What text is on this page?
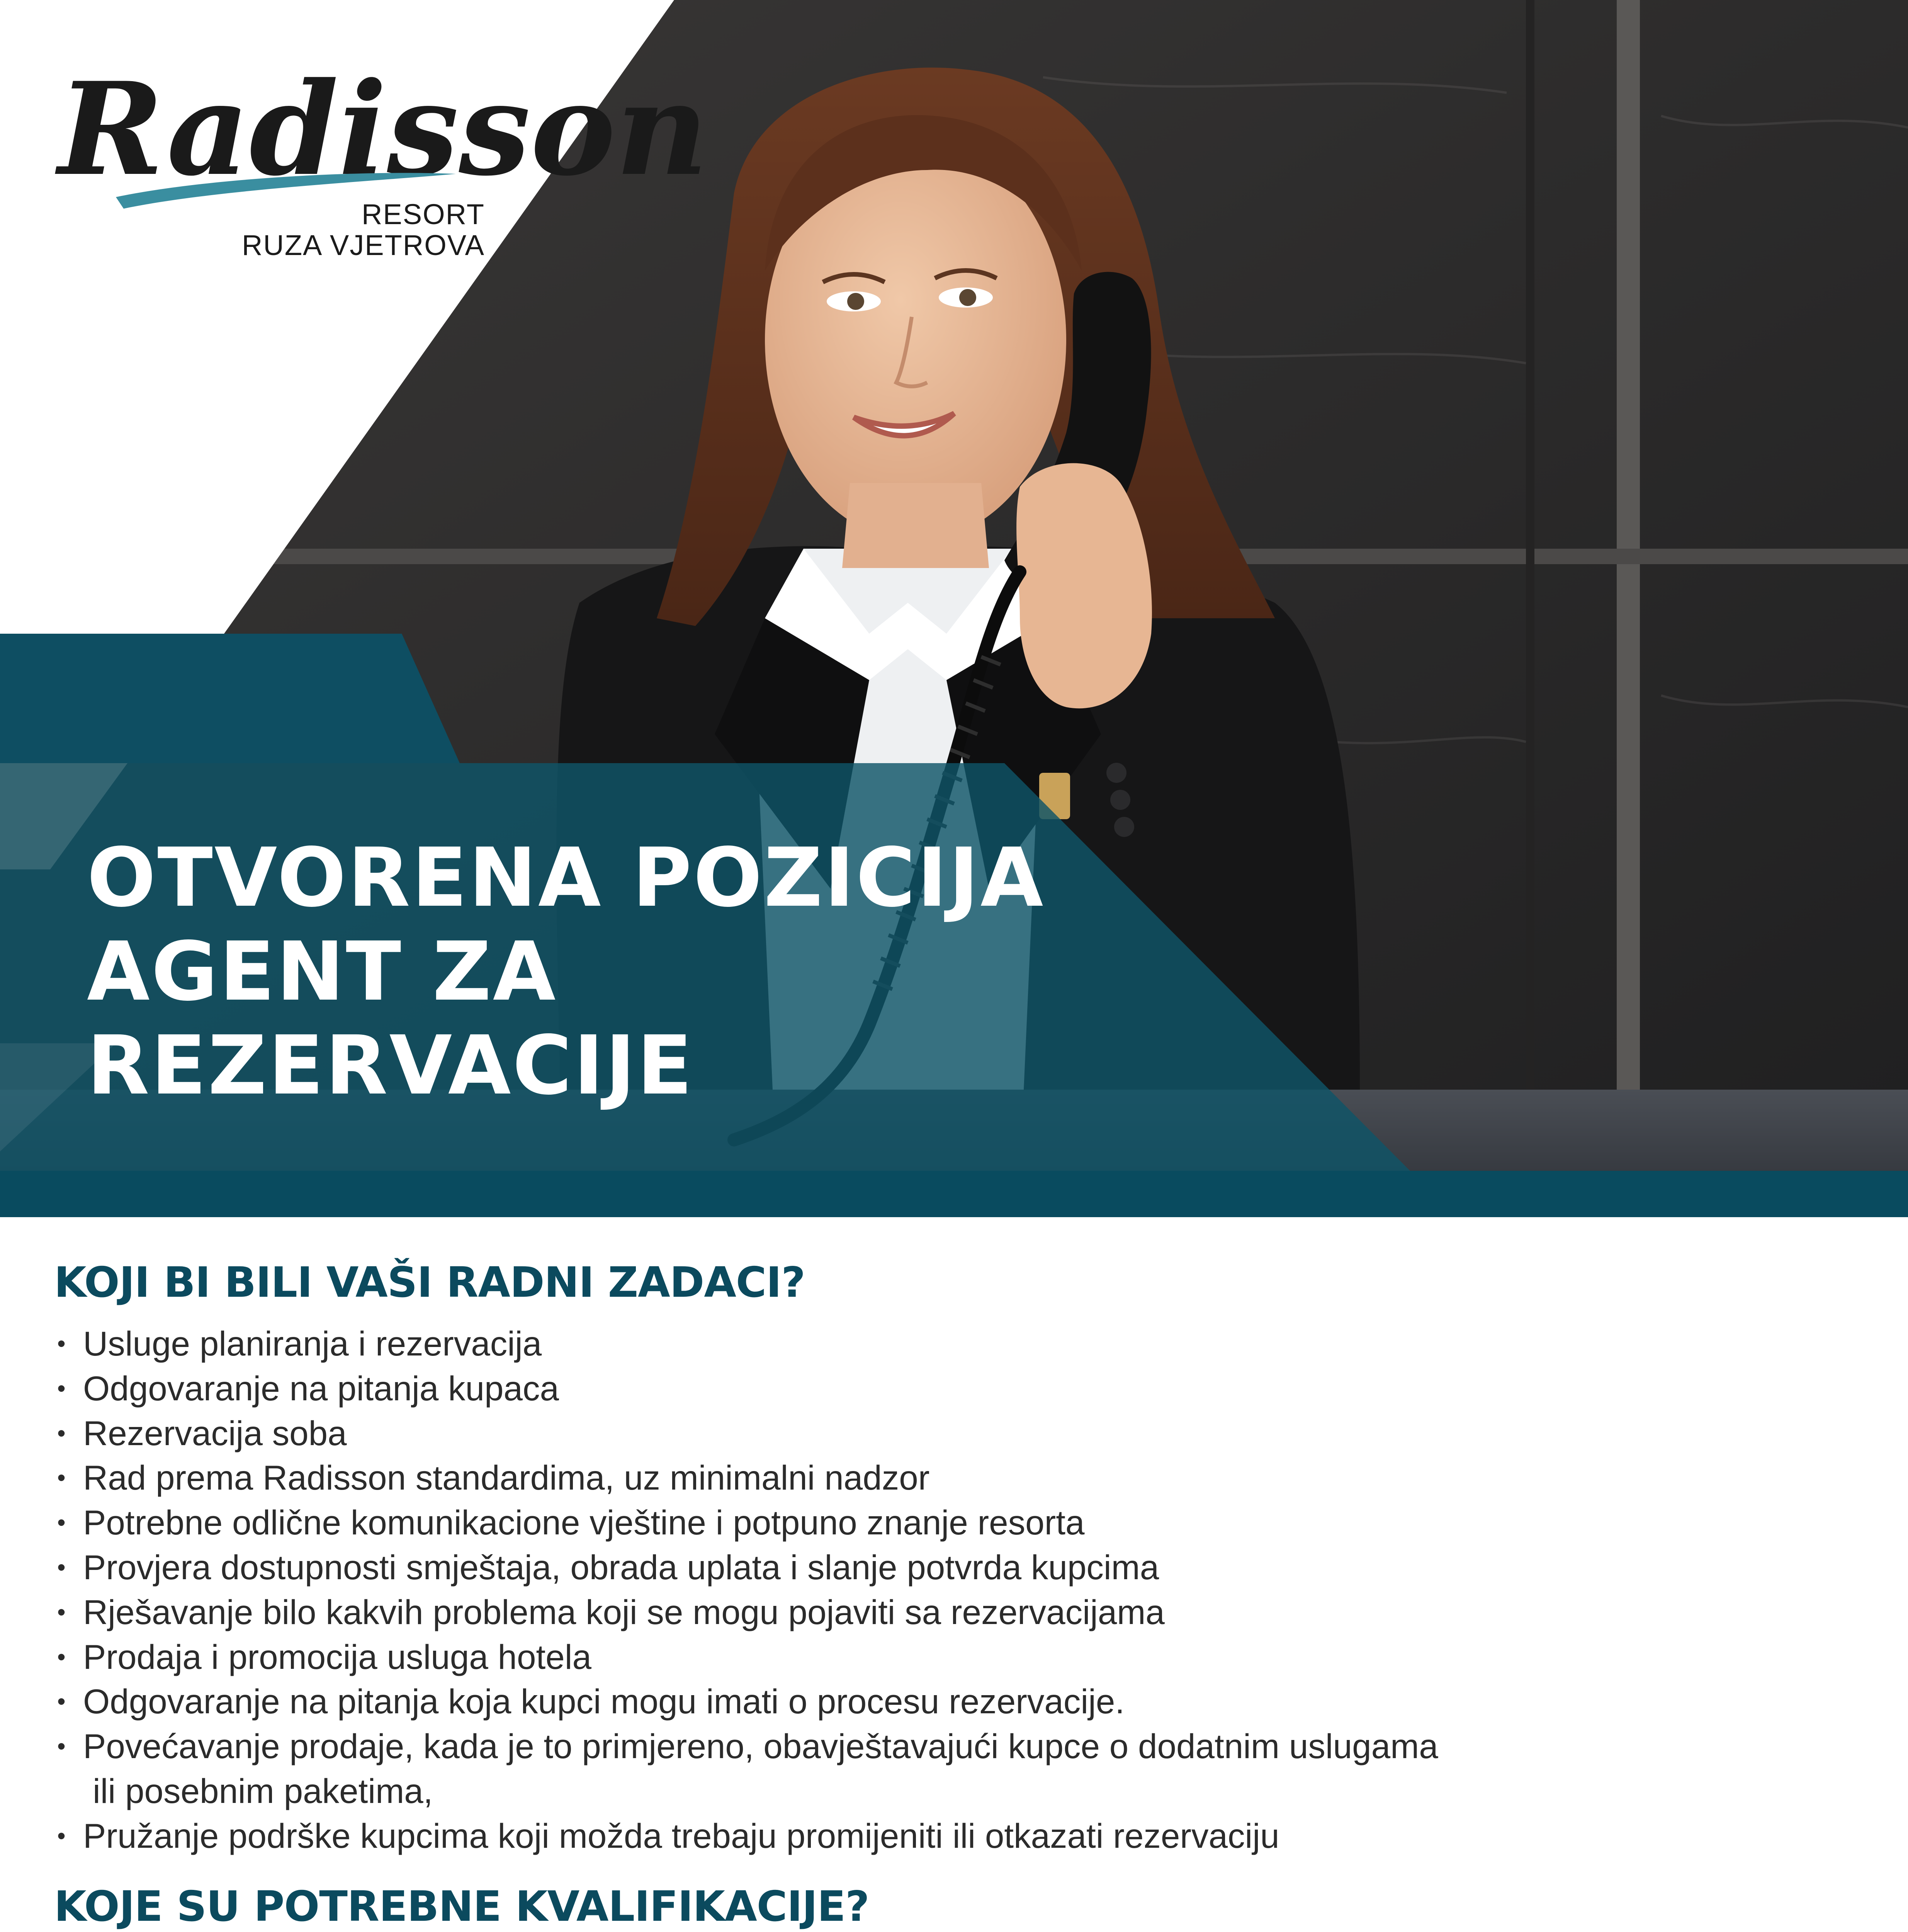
Radisson
RESORT
RUZA VJETROVA
OTVORENA POZICIJA
AGENT ZA
REZERVACIJE
KOJI BI BILI VAŠI RADNI ZADACI?
• Usluge planiranja i rezervacija
• Odgovaranje na pitanja kupaca
• Rezervacija soba
• Rad prema Radisson standardima, uz minimalni nadzor
• Potrebne odlične komunikacione vještine i potpuno znanje resorta
• Provjera dostupnosti smještaja, obrada uplata i slanje potvrda kupcima
• Rješavanje bilo kakvih problema koji se mogu pojaviti sa rezervacijama
• Prodaja i promocija usluga hotela
• Odgovaranje na pitanja koja kupci mogu imati o procesu rezervacije.
• Povećavanje prodaje, kada je to primjereno, obavještavajući kupce o dodatnim uslugama
ili posebnim paketima,
• Pružanje podrške kupcima koji možda trebaju promijeniti ili otkazati rezervaciju
KOJE SU POTREBNE KVALIFIKACIJE?
